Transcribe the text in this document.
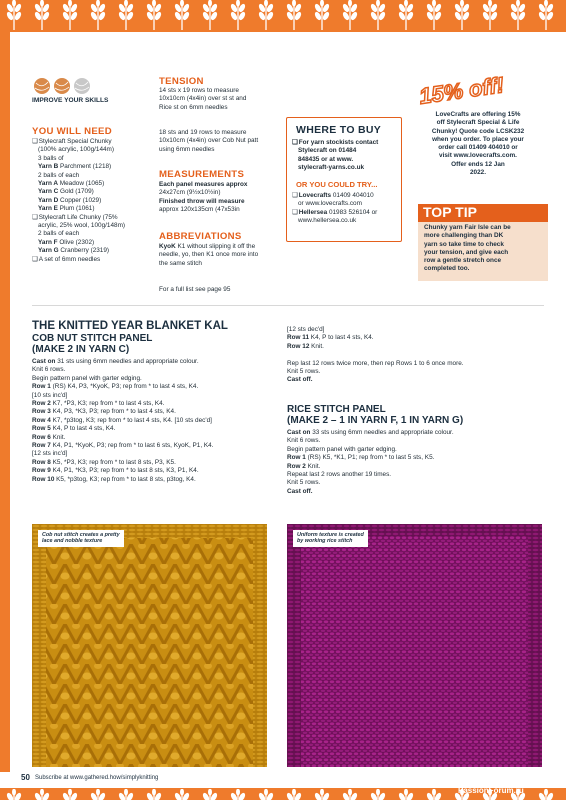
IMPROVE YOUR SKILLS
YOU WILL NEED
❑ Stylecraft Special Chunky
(100% acrylic, 100g/144m)
3 balls of
Yarn B Parchment (1218)
2 balls of each
Yarn A Meadow (1065)
Yarn C Gold (1709)
Yarn D Copper (1029)
Yarn E Plum (1061)
❑ Stylecraft Life Chunky (75%
acrylic, 25% wool, 100g/148m)
2 balls of each
Yarn F Olive (2302)
Yarn G Cranberry (2319)
❑ A set of 6mm needles
TENSION
14 sts x 19 rows to measure
10x10cm (4x4in) over st st and
Rice st on 6mm needles
18 sts and 19 rows to measure
10x10cm (4x4in) over Cob Nut patt
using 6mm needles
MEASUREMENTS
Each panel measures approx
24x27cm (9½x10½in)
Finished throw will measure
approx 120x135cm (47x53in
ABBREVIATIONS
KyoK K1 without slipping it off the
needle, yo, then K1 once more into
the same stitch
For a full list see page 95
WHERE TO BUY
❑ For yarn stockists contact
Stylecraft on 01484
848435 or at www.
stylecraft-yarns.co.uk
OR YOU COULD TRY...
❑ Lovecrafts 01409 404010
or www.lovecrafts.com
❑ Hellersea 01983 526104 or
www.hellersea.co.uk
15% off!
LoveCrafts are offering 15%
off Stylecraft Special & Life
Chunky! Quote code LCSK232
when you order. To place your
order call 01409 404010 or
visit www.lovecrafts.com.
Offer ends 12 Jan
2022.
TOP TIP
Chunky yarn Fair Isle can be
more challenging than DK
yarn so take time to check
your tension, and give each
row a gentle stretch once
completed too.
THE KNITTED YEAR BLANKET KAL
COB NUT STITCH PANEL
(MAKE 2 IN YARN C)
Cast on 31 sts using 6mm needles and appropriate colour.
Knit 6 rows.
Begin pattern panel with garter edging.
Row 1 (RS) K4, P3, *KyoK, P3; rep from * to last 4 sts, K4.
[10 sts inc'd]
Row 2 K7, *P3, K3; rep from * to last 4 sts, K4.
Row 3 K4, P3, *K3, P3; rep from * to last 4 sts, K4.
Row 4 K7, *p3tog, K3; rep from * to last 4 sts, K4. [10 sts dec'd]
Row 5 K4, P to last 4 sts, K4.
Row 6 Knit.
Row 7 K4, P1, *KyoK, P3; rep from * to last 6 sts, KyoK, P1, K4.
[12 sts inc'd]
Row 8 K5, *P3, K3; rep from * to last 8 sts, P3, K5.
Row 9 K4, P1, *K3, P3; rep from * to last 8 sts, K3, P1, K4.
Row 10 K5, *p3tog, K3; rep from * to last 8 sts, p3tog, K4.
[12 sts dec'd]
Row 11 K4, P to last 4 sts, K4.
Row 12 Knit.
Rep last 12 rows twice more, then rep Rows 1 to 6 once more.
Knit 5 rows.
Cast off.
RICE STITCH PANEL
(MAKE 2 – 1 IN YARN F, 1 IN YARN G)
Cast on 33 sts using 6mm needles and appropriate colour.
Knit 6 rows.
Begin pattern panel with garter edging.
Row 1 (RS) K5, *K1, P1; rep from * to last 5 sts, K5.
Row 2 Knit.
Repeat last 2 rows another 19 times.
Knit 5 rows.
Cast off.
Cob nut stitch creates a pretty
lace and nobble texture
Uniform texture is created
by working rice stitch
50 Subscribe at www.gathered.how/simplyknitting
PassionForum.ru
